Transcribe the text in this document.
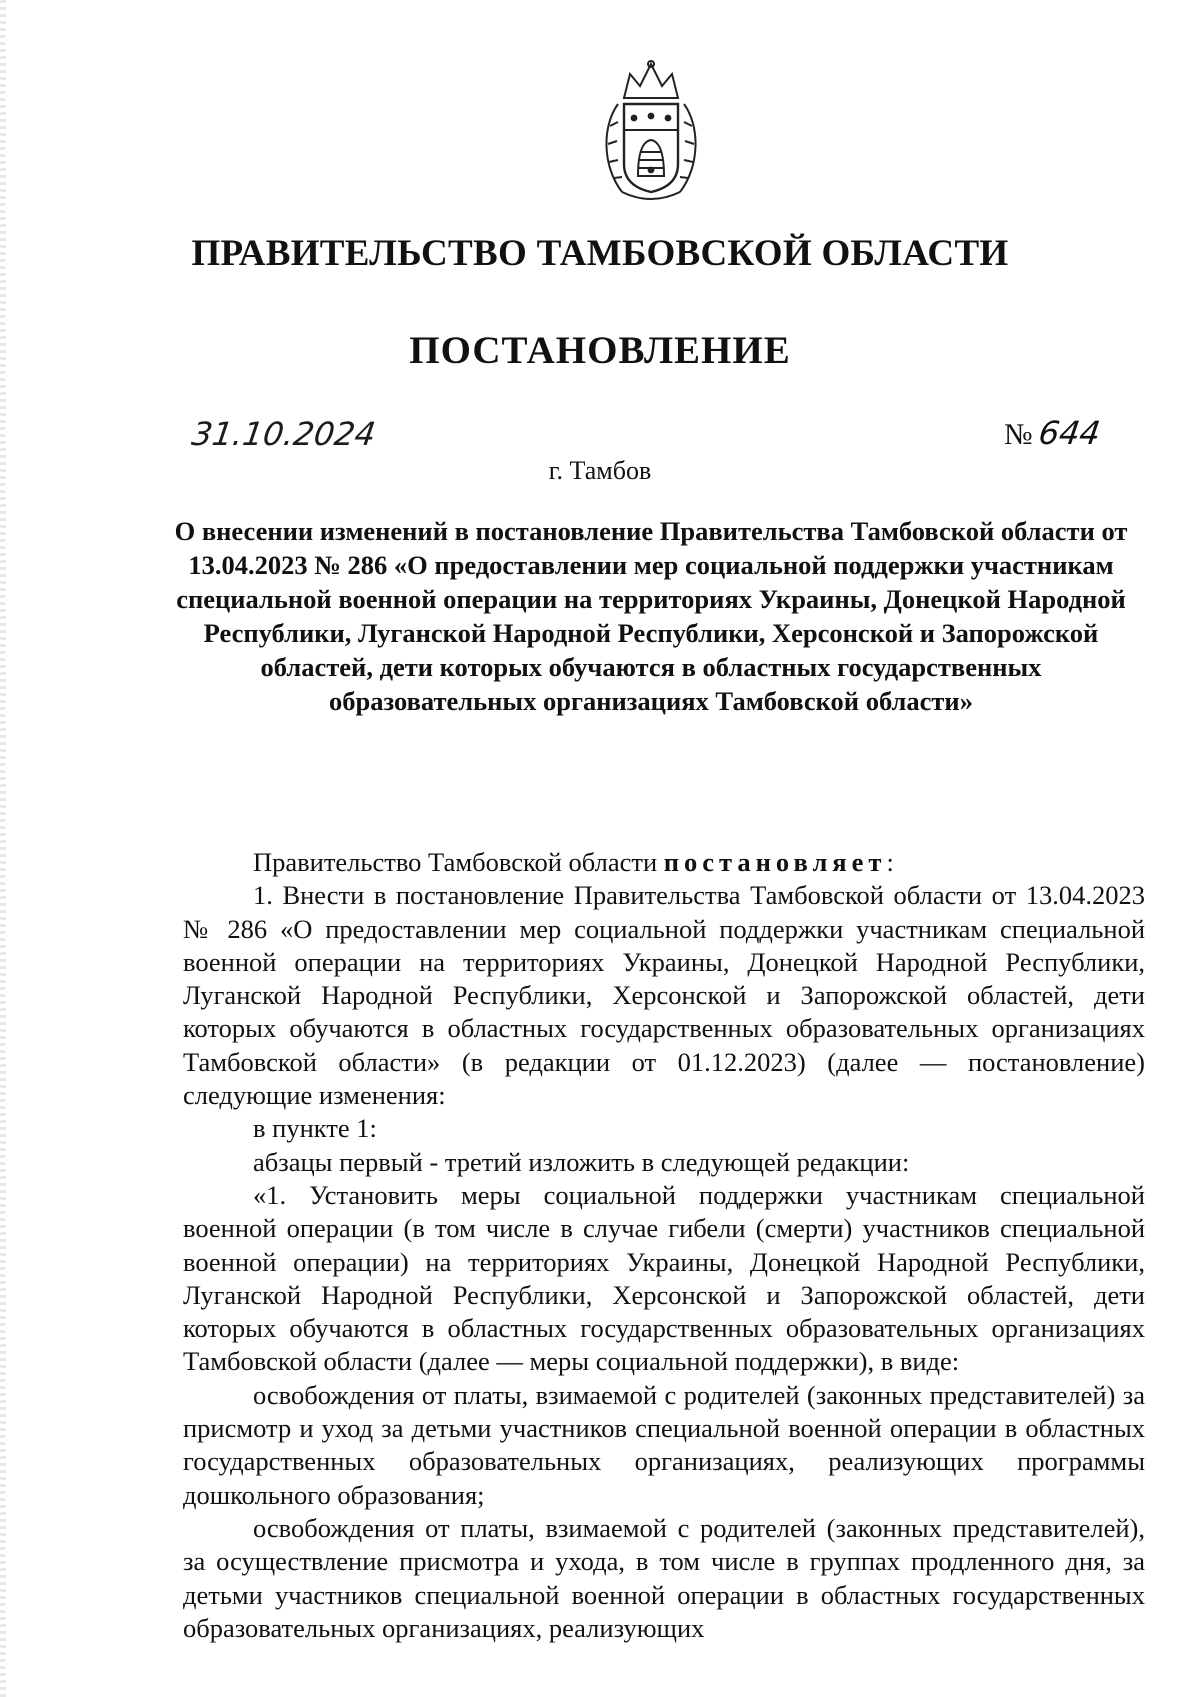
ПРАВИТЕЛЬСТВО ТАМБОВСКОЙ ОБЛАСТИ
ПОСТАНОВЛЕНИЕ
31.10.2024	№ 644
г. Тамбов
О внесении изменений в постановление Правительства Тамбовской области от 13.04.2023 № 286 «О предоставлении мер социальной поддержки участникам специальной военной операции на территориях Украины, Донецкой Народной Республики, Луганской Народной Республики, Херсонской и Запорожской областей, дети которых обучаются в областных государственных образовательных организациях Тамбовской области»

Правительство Тамбовской области постановляет:

1. Внести в постановление Правительства Тамбовской области от 13.04.2023 № 286 «О предоставлении мер социальной поддержки участникам специальной военной операции на территориях Украины, Донецкой Народной Республики, Луганской Народной Республики, Херсонской и Запорожской областей, дети которых обучаются в областных государственных образовательных организациях Тамбовской области» (в редакции от 01.12.2023) (далее — постановление) следующие изменения:

в пункте 1:

абзацы первый - третий изложить в следующей редакции:

«1. Установить меры социальной поддержки участникам специальной военной операции (в том числе в случае гибели (смерти) участников специальной военной операции) на территориях Украины, Донецкой Народной Республики, Луганской Народной Республики, Херсонской и Запорожской областей, дети которых обучаются в областных государственных образовательных организациях Тамбовской области (далее — меры социальной поддержки), в виде:

освобождения от платы, взимаемой с родителей (законных представителей) за присмотр и уход за детьми участников специальной военной операции в областных государственных образовательных организациях, реализующих программы дошкольного образования;

освобождения от платы, взимаемой с родителей (законных представителей), за осуществление присмотра и ухода, в том числе в группах продленного дня, за детьми участников специальной военной операции в областных государственных образовательных организациях, реализующих
